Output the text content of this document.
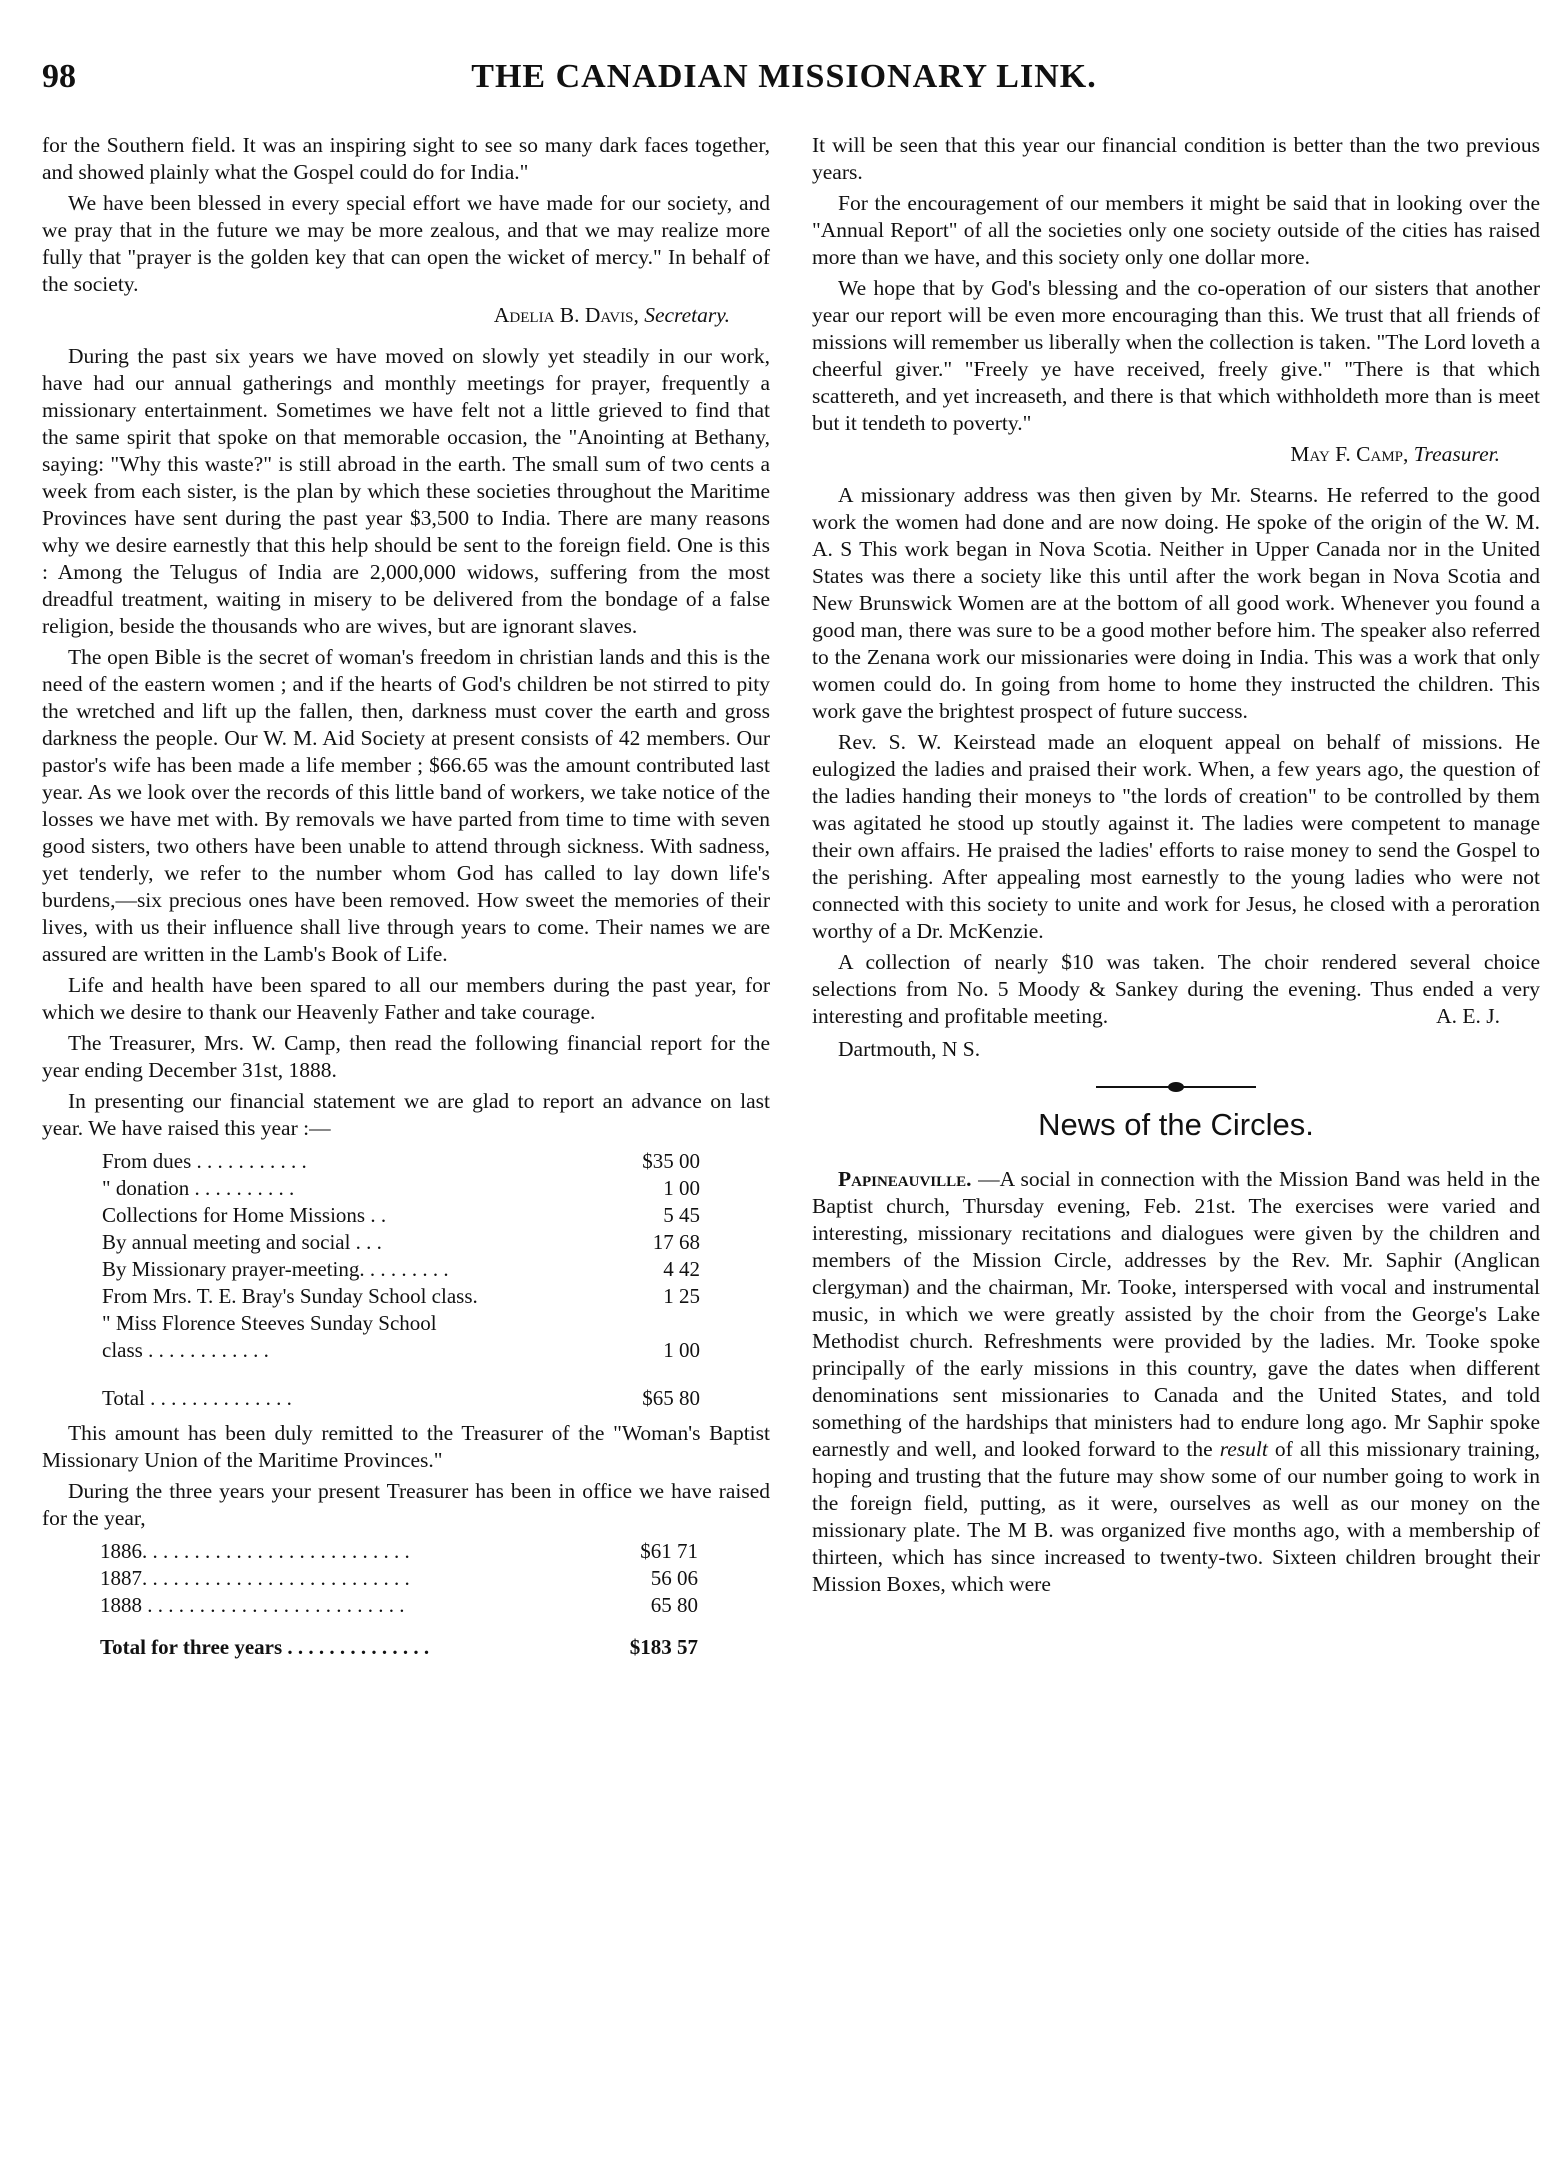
98	THE CANADIAN MISSIONARY LINK.

for the Southern field. It was an inspiring sight to see so many dark faces together, and showed plainly what the Gospel could do for India."

We have been blessed in every special effort we have made for our society, and we pray that in the future we may be more zealous, and that we may realize more fully that "prayer is the golden key that can open the wicket of mercy." In behalf of the society.

Adelia B. Davis, Secretary.

During the past six years we have moved on slowly yet steadily in our work, have had our annual gatherings and monthly meetings for prayer, frequently a missionary entertainment. Sometimes we have felt not a little grieved to find that the same spirit that spoke on that memorable occasion, the "Anointing at Bethany, saying: "Why this waste?" is still abroad in the earth. The small sum of two cents a week from each sister, is the plan by which these societies throughout the Maritime Provinces have sent during the past year $3,500 to India. There are many reasons why we desire earnestly that this help should be sent to the foreign field. One is this : Among the Telugus of India are 2,000,000 widows, suffering from the most dreadful treatment, waiting in misery to be delivered from the bondage of a false religion, beside the thousands who are wives, but are ignorant slaves.

The open Bible is the secret of woman's freedom in christian lands and this is the need of the eastern women ; and if the hearts of God's children be not stirred to pity the wretched and lift up the fallen, then, darkness must cover the earth and gross darkness the people. Our W. M. Aid Society at present consists of 42 members. Our pastor's wife has been made a life member ; $66.65 was the amount contributed last year. As we look over the records of this little band of workers, we take notice of the losses we have met with. By removals we have parted from time to time with seven good sisters, two others have been unable to attend through sickness. With sadness, yet tenderly, we refer to the number whom God has called to lay down life's burdens,—six precious ones have been removed. How sweet the memories of their lives, with us their influence shall live through years to come. Their names we are assured are written in the Lamb's Book of Life.

Life and health have been spared to all our members during the past year, for which we desire to thank our Heavenly Father and take courage.

The Treasurer, Mrs. W. Camp, then read the following financial report for the year ending December 31st, 1888.

In presenting our financial statement we are glad to report an advance on last year. We have raised this year :—

From dues . . . . . . . . . . .	$35 00
" donation . . . . . . . . . .	1 00
Collections for Home Missions . .	5 45
By annual meeting and social . . .	17 68
By Missionary prayer-meeting. . . . . . . . .	4 42
From Mrs. T. E. Bray's Sunday School class.	1 25
" Miss Florence Steeves Sunday School	
class . . . . . . . . . . . .	1 00
Total . . . . . . . . . . . . . .	$65 80

This amount has been duly remitted to the Treasurer of the "Woman's Baptist Missionary Union of the Maritime Provinces."

During the three years your present Treasurer has been in office we have raised for the year,

1886. . . . . . . . . . . . . . . . . . . . . . . . . .	$61 71
1887. . . . . . . . . . . . . . . . . . . . . . . . . .	56 06
1888 . . . . . . . . . . . . . . . . . . . . . . . . .	65 80
Total for three years . . . . . . . . . . . . . .	$183 57

It will be seen that this year our financial condition is better than the two previous years.

For the encouragement of our members it might be said that in looking over the "Annual Report" of all the societies only one society outside of the cities has raised more than we have, and this society only one dollar more.

We hope that by God's blessing and the co-operation of our sisters that another year our report will be even more encouraging than this. We trust that all friends of missions will remember us liberally when the collection is taken. "The Lord loveth a cheerful giver." "Freely ye have received, freely give." "There is that which scattereth, and yet increaseth, and there is that which withholdeth more than is meet but it tendeth to poverty."

May F. Camp, Treasurer.

A missionary address was then given by Mr. Stearns. He referred to the good work the women had done and are now doing. He spoke of the origin of the W. M. A. S This work began in Nova Scotia. Neither in Upper Canada nor in the United States was there a society like this until after the work began in Nova Scotia and New Brunswick Women are at the bottom of all good work. Whenever you found a good man, there was sure to be a good mother before him. The speaker also referred to the Zenana work our missionaries were doing in India. This was a work that only women could do. In going from home to home they instructed the children. This work gave the brightest prospect of future success.

Rev. S. W. Keirstead made an eloquent appeal on behalf of missions. He eulogized the ladies and praised their work. When, a few years ago, the question of the ladies handing their moneys to "the lords of creation" to be controlled by them was agitated he stood up stoutly against it. The ladies were competent to manage their own affairs. He praised the ladies' efforts to raise money to send the Gospel to the perishing. After appealing most earnestly to the young ladies who were not connected with this society to unite and work for Jesus, he closed with a peroration worthy of a Dr. McKenzie.

A collection of nearly $10 was taken. The choir rendered several choice selections from No. 5 Moody & Sankey during the evening. Thus ended a very interesting and profitable meeting.	A. E. J.

Dartmouth, N S.

News of the Circles.

Papineauville. —A social in connection with the Mission Band was held in the Baptist church, Thursday evening, Feb. 21st. The exercises were varied and interesting, missionary recitations and dialogues were given by the children and members of the Mission Circle, addresses by the Rev. Mr. Saphir (Anglican clergyman) and the chairman, Mr. Tooke, interspersed with vocal and instrumental music, in which we were greatly assisted by the choir from the George's Lake Methodist church. Refreshments were provided by the ladies. Mr. Tooke spoke principally of the early missions in this country, gave the dates when different denominations sent missionaries to Canada and the United States, and told something of the hardships that ministers had to endure long ago. Mr Saphir spoke earnestly and well, and looked forward to the result of all this missionary training, hoping and trusting that the future may show some of our number going to work in the foreign field, putting, as it were, ourselves as well as our money on the missionary plate. The M B. was organized five months ago, with a membership of thirteen, which has since increased to twenty-two. Sixteen children brought their Mission Boxes, which were
